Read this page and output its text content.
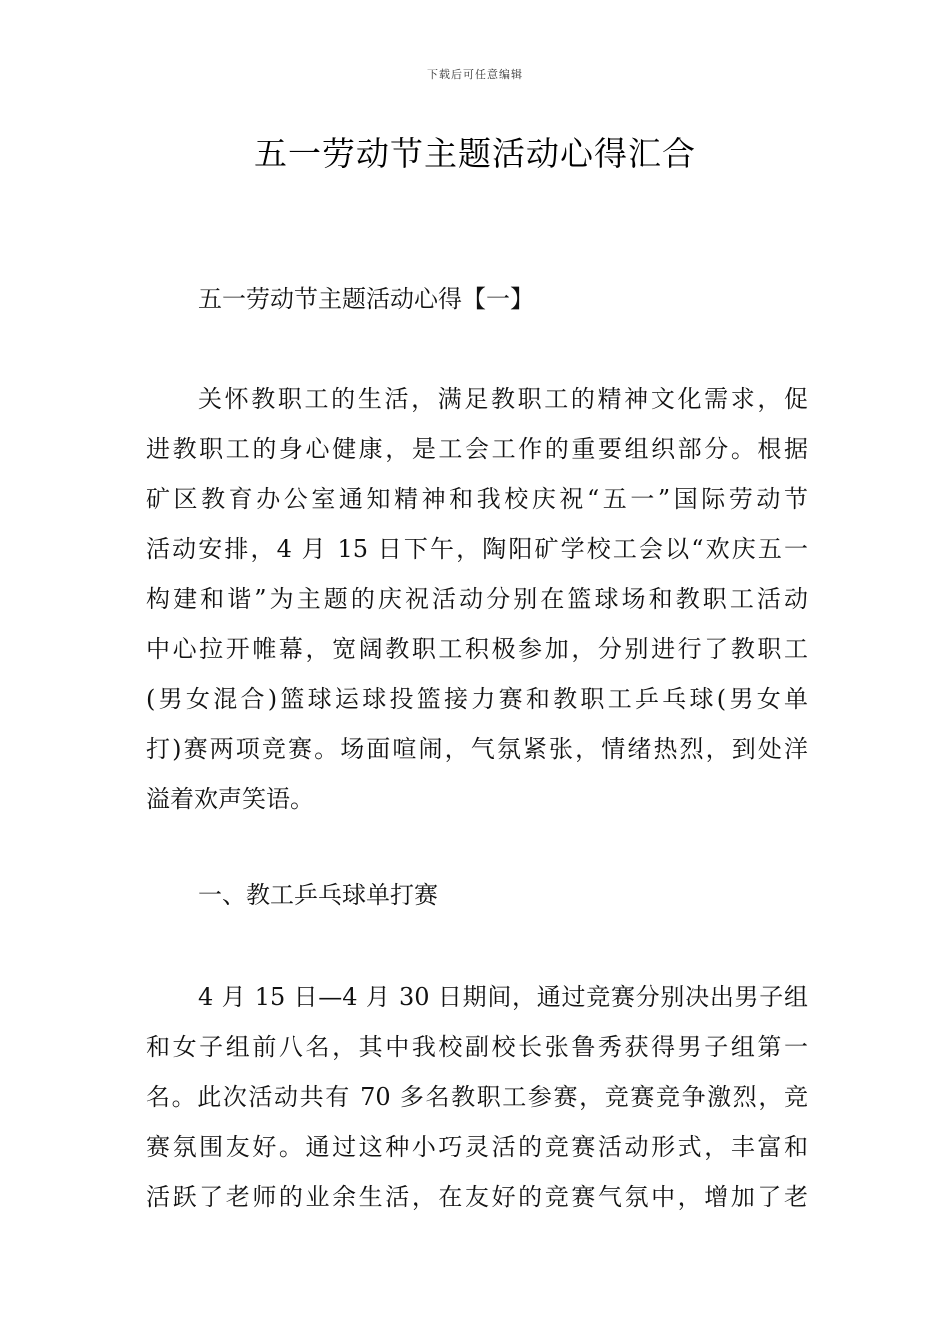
下载后可任意编辑
五一劳动节主题活动心得汇合

五一劳动节主题活动心得【一】

关怀教职工的生活，满足教职工的精神文化需求，促
进教职工的身心健康，是工会工作的重要组织部分。根据
矿区教育办公室通知精神和我校庆祝“五一”国际劳动节
活动安排，4 月 15 日下午，陶阳矿学校工会以“欢庆五一
构建和谐”为主题的庆祝活动分别在篮球场和教职工活动
中心拉开帷幕，宽阔教职工积极参加，分别进行了教职工
(男女混合)篮球运球投篮接力赛和教职工乒乓球(男女单
打)赛两项竞赛。场面喧闹，气氛紧张，情绪热烈，到处洋
溢着欢声笑语。

一、教工乒乓球单打赛

4 月 15 日—4 月 30 日期间，通过竞赛分别决出男子组
和女子组前八名，其中我校副校长张鲁秀获得男子组第一
名。此次活动共有 70 多名教职工参赛，竞赛竞争激烈，竞
赛氛围友好。通过这种小巧灵活的竞赛活动形式，丰富和
活跃了老师的业余生活，在友好的竞赛气氛中，增加了老
